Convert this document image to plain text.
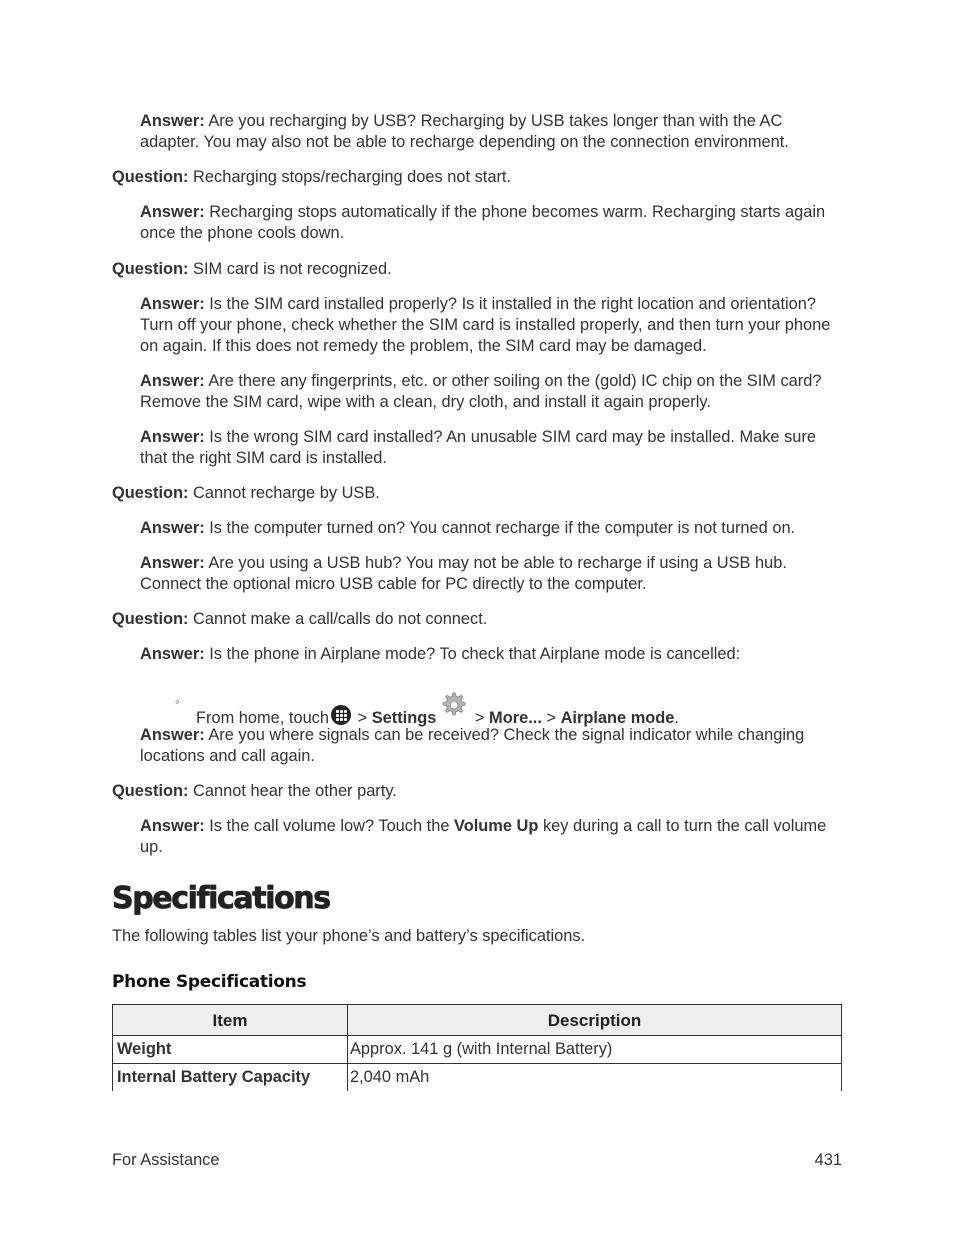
Answer: Are you recharging by USB? Recharging by USB takes longer than with the AC adapter. You may also not be able to recharge depending on the connection environment.

Question: Recharging stops/recharging does not start.

Answer: Recharging stops automatically if the phone becomes warm. Recharging starts again once the phone cools down.

Question: SIM card is not recognized.

Answer: Is the SIM card installed properly? Is it installed in the right location and orientation? Turn off your phone, check whether the SIM card is installed properly, and then turn your phone on again. If this does not remedy the problem, the SIM card may be damaged.

Answer: Are there any fingerprints, etc. or other soiling on the (gold) IC chip on the SIM card? Remove the SIM card, wipe with a clean, dry cloth, and install it again properly.

Answer: Is the wrong SIM card installed? An unusable SIM card may be installed. Make sure that the right SIM card is installed.

Question: Cannot recharge by USB.

Answer: Is the computer turned on? You cannot recharge if the computer is not turned on.

Answer: Are you using a USB hub? You may not be able to recharge if using a USB hub. Connect the optional micro USB cable for PC directly to the computer.

Question: Cannot make a call/calls do not connect.

Answer: Is the phone in Airplane mode? To check that Airplane mode is cancelled:

◦

From home, touch
> Settings > More... > Airplane mode.

Answer: Are you where signals can be received? Check the signal indicator while changing locations and call again.

Question: Cannot hear the other party.

Answer: Is the call volume low? Touch the Volume Up key during a call to turn the call volume up.

Specifications

The following tables list your phone’s and battery’s specifications.

Phone Specifications
Item	Description
Weight	Approx. 141 g (with Internal Battery)
Internal Battery Capacity	2,040 mAh

For Assistance	431
